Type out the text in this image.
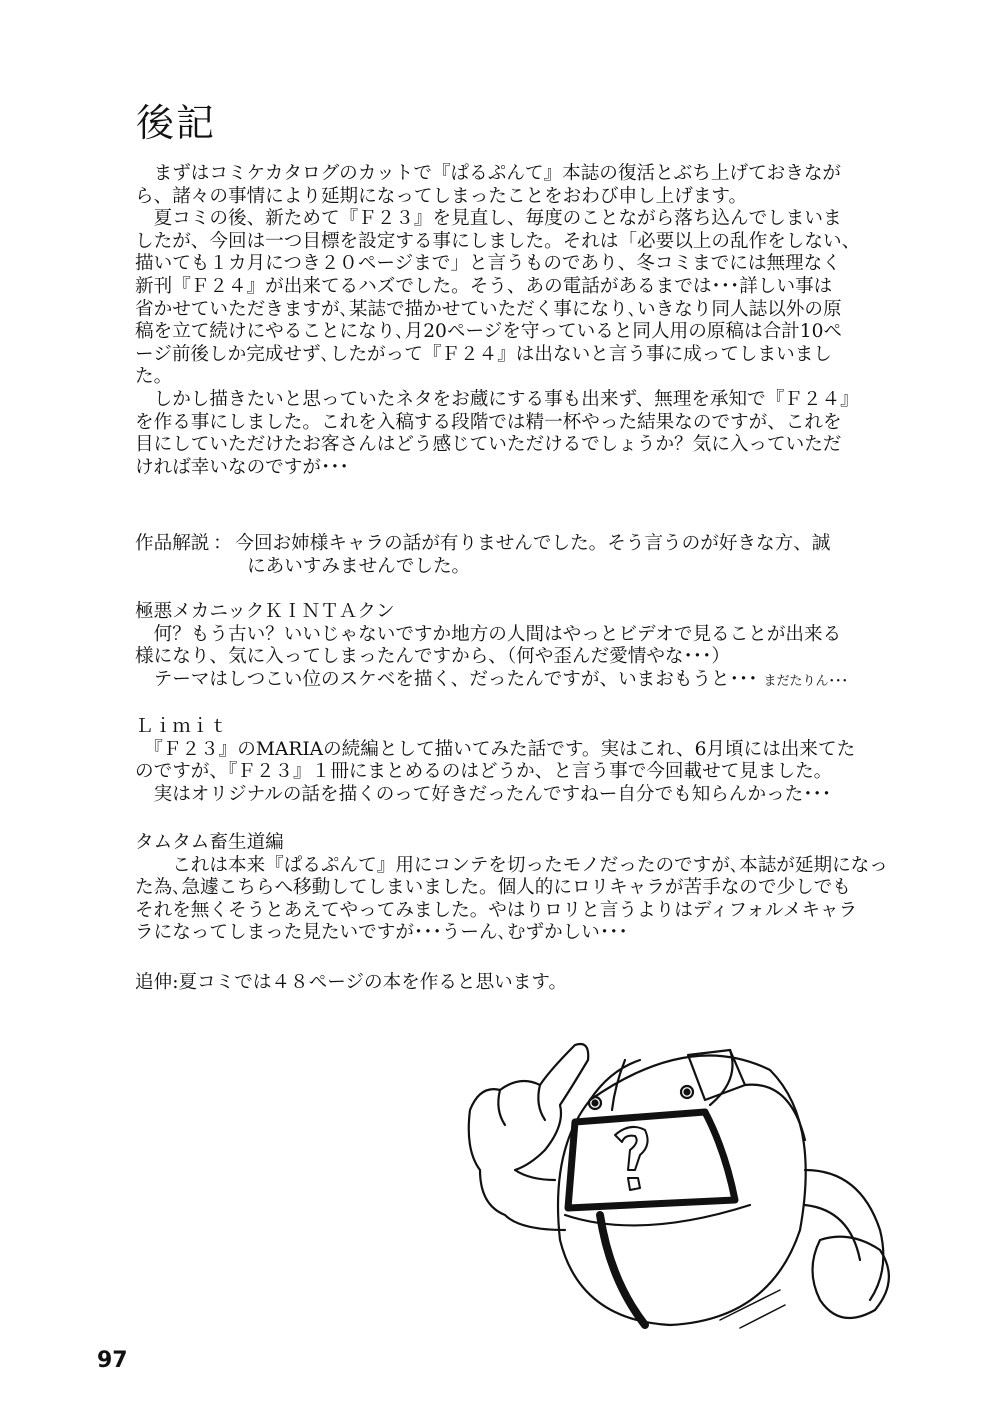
後記
　まずはコミケカタログのカットで『ぱるぷんて』本誌の復活とぶち上げておきなが
ら、諸々の事情により延期になってしまったことをおわび申し上げます。
　夏コミの後、新ためて『Ｆ２３』を見直し、毎度のことながら落ち込んでしまいま
したが、今回は一つ目標を設定する事にしました。それは「必要以上の乱作をしない、
描いても１カ月につき２０ページまで」と言うものであり、冬コミまでには無理なく
新刊『Ｆ２４』が出来てるハズでした。そう、あの電話があるまでは･･･詳しい事は
省かせていただきますが､某誌で描かせていただく事になり､いきなり同人誌以外の原
稿を立て続けにやることになり､月20ページを守っていると同人用の原稿は合計10ペ
ージ前後しか完成せず､したがって『Ｆ２４』は出ないと言う事に成ってしまいまし
た。
　しかし描きたいと思っていたネタをお蔵にする事も出来ず、無理を承知で『Ｆ２４』
を作る事にしました。これを入稿する段階では精一杯やった結果なのですが、これを
目にしていただけたお客さんはどう感じていただけるでしょうか？気に入っていただ
ければ幸いなのですが･･･
作品解説 ： 今回お姉様キャラの話が有りませんでした。そう言うのが好きな方、誠
にあいすみませんでした。
極悪メカニックＫＩＮＴＡクン
　何？もう古い？いいじゃないですか地方の人間はやっとビデオで見ることが出来る
様になり、気に入ってしまったんですから、（何や歪んだ愛情やな･･･）
　テーマはしつこい位のスケベを描く、だったんですが、いまおもうと･･･ まだたりん･･･
Ｌｉｍｉｔ
　『Ｆ２３』のMARIAの続編として描いてみた話です。実はこれ、6月頃には出来てた
のですが、『Ｆ２３』１冊にまとめるのはどうか、と言う事で今回載せて見ました。
　実はオリジナルの話を描くのって好きだったんですねー自分でも知らんかった･･･
タムタム畜生道編
　　これは本来『ぱるぷんて』用にコンテを切ったモノだったのですが､本誌が延期になっ
た為､急遽こちらへ移動してしまいました。個人的にロリキャラが苦手なので少しでも
それを無くそうとあえてやってみました。やはりロリと言うよりはディフォルメキャラ
ラになってしまった見たいですが･･･うーん､むずかしい･･･
追伸:夏コミでは４８ページの本を作ると思います。
97
